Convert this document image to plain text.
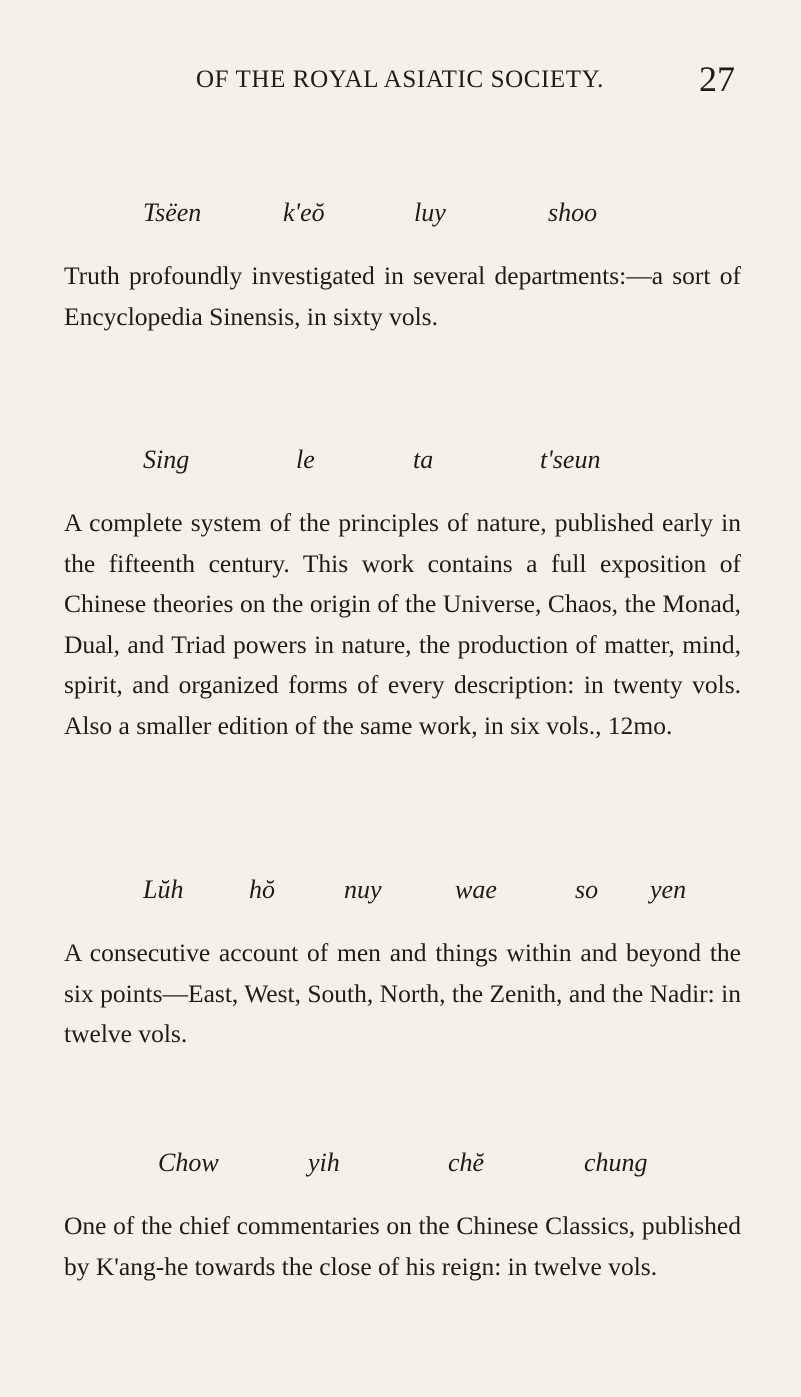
OF THE ROYAL ASIATIC SOCIETY.	27
Tsëen	k'eŏ	luy	shoo

Truth profoundly investigated in several departments:—a sort of Encyclopedia Sinensis, in sixty vols.

Sing	le	ta	t'seun

A complete system of the principles of nature, published early in the fifteenth century. This work contains a full exposition of Chinese theories on the origin of the Universe, Chaos, the Monad, Dual, and Triad powers in nature, the production of matter, mind, spirit, and organized forms of every description: in twenty vols. Also a smaller edition of the same work, in six vols., 12mo.

Lŭh	hŏ	nuy	wae	so yen

A consecutive account of men and things within and beyond the six points—East, West, South, North, the Zenith, and the Nadir: in twelve vols.

Chow	yih	chĕ	chung

One of the chief commentaries on the Chinese Classics, published by K'ang-he towards the close of his reign: in twelve vols.
